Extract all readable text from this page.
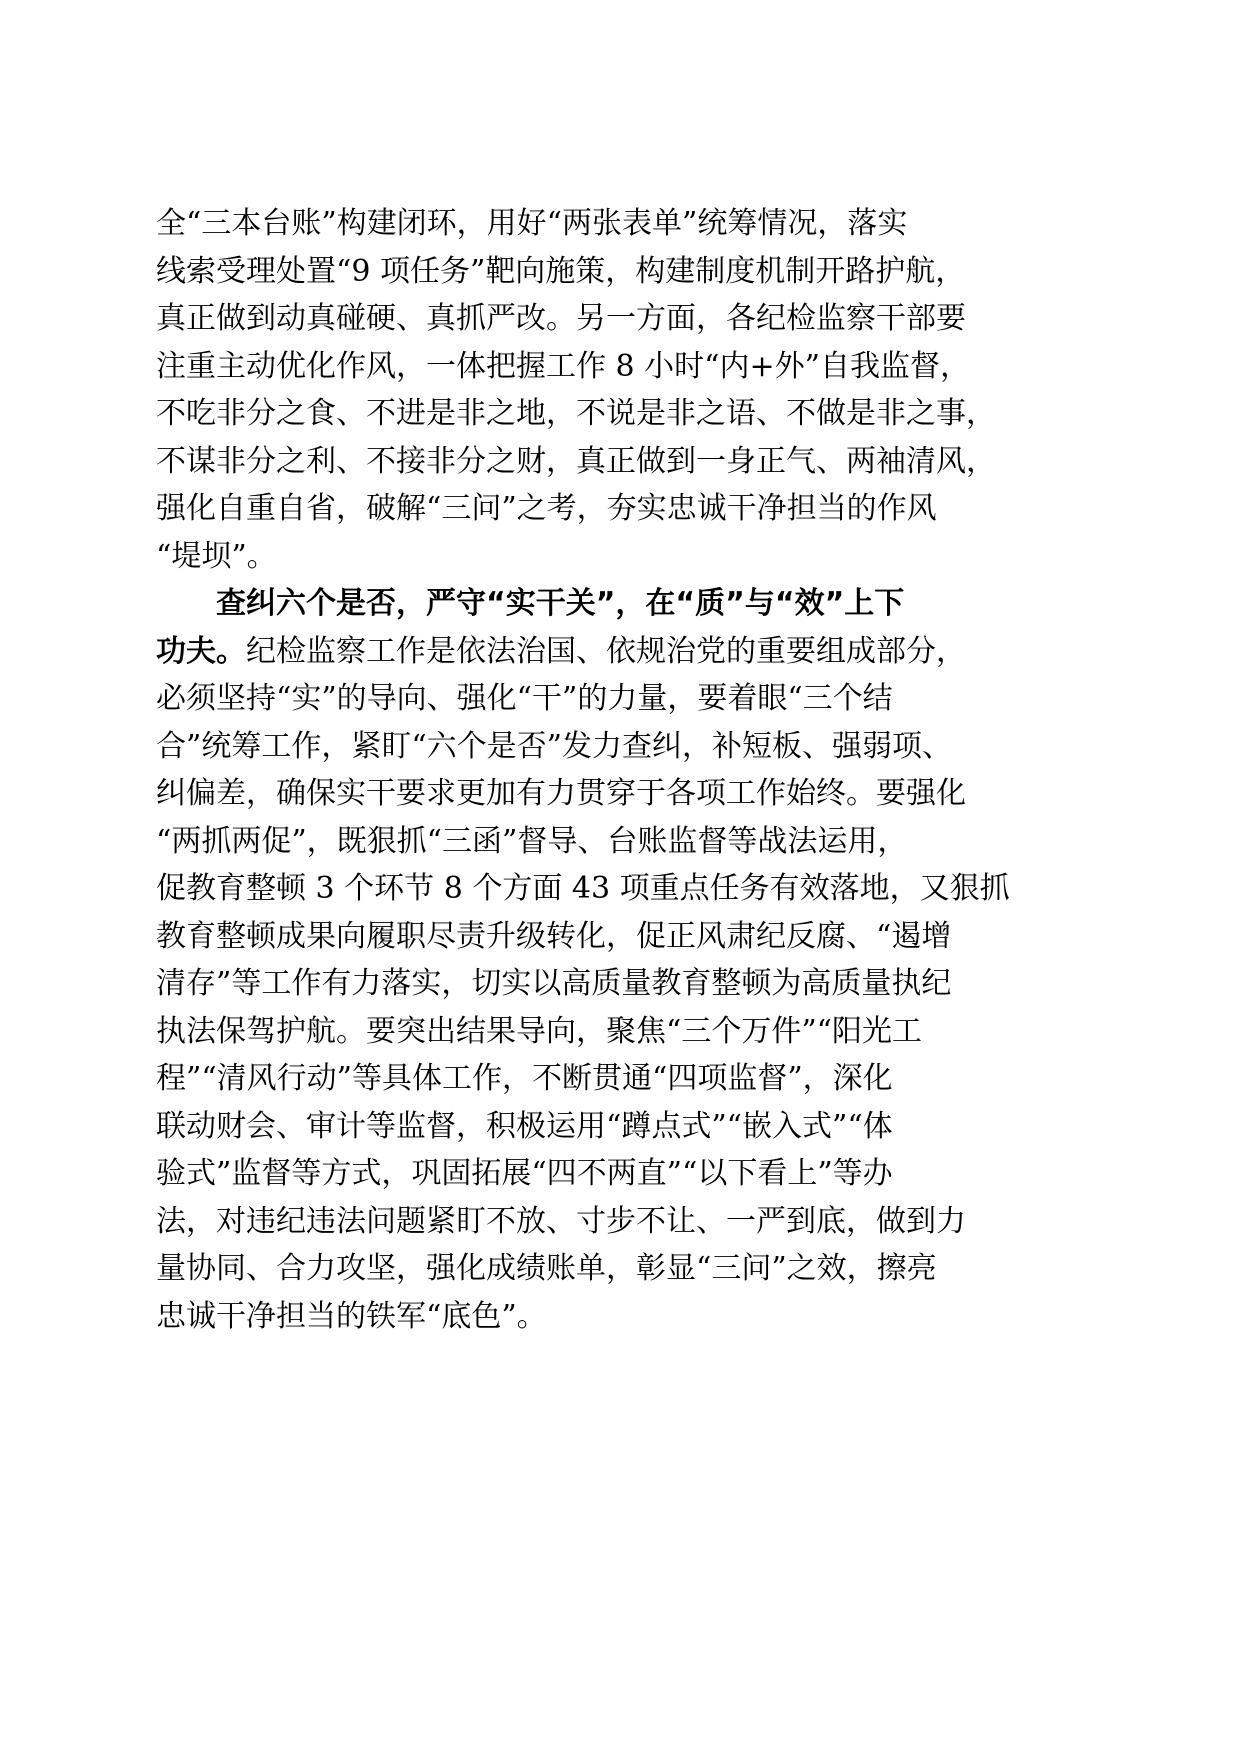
全“三本台账”构建闭环，用好“两张表单”统筹情况，落实
线索受理处置“9 项任务”靶向施策，构建制度机制开路护航，
真正做到动真碰硬、真抓严改。另一方面，各纪检监察干部要
注重主动优化作风，一体把握工作 8 小时“内+外”自我监督，
不吃非分之食、不进是非之地，不说是非之语、不做是非之事，
不谋非分之利、不接非分之财，真正做到一身正气、两袖清风，
强化自重自省，破解“三问”之考，夯实忠诚干净担当的作风
“堤坝”。

查纠六个是否，严守“实干关”，在“质”与“效”上下
功夫。纪检监察工作是依法治国、依规治党的重要组成部分，
必须坚持“实”的导向、强化“干”的力量，要着眼“三个结
合”统筹工作，紧盯“六个是否”发力查纠，补短板、强弱项、
纠偏差，确保实干要求更加有力贯穿于各项工作始终。要强化
“两抓两促”，既狠抓“三函”督导、台账监督等战法运用，
促教育整顿 3 个环节 8 个方面 43 项重点任务有效落地，又狠抓
教育整顿成果向履职尽责升级转化，促正风肃纪反腐、“遏增
清存”等工作有力落实，切实以高质量教育整顿为高质量执纪
执法保驾护航。要突出结果导向，聚焦“三个万件”“阳光工
程”“清风行动”等具体工作，不断贯通“四项监督”，深化
联动财会、审计等监督，积极运用“蹲点式”“嵌入式”“体
验式”监督等方式，巩固拓展“四不两直”“以下看上”等办
法，对违纪违法问题紧盯不放、寸步不让、一严到底，做到力
量协同、合力攻坚，强化成绩账单，彰显“三问”之效，擦亮
忠诚干净担当的铁军“底色”。
